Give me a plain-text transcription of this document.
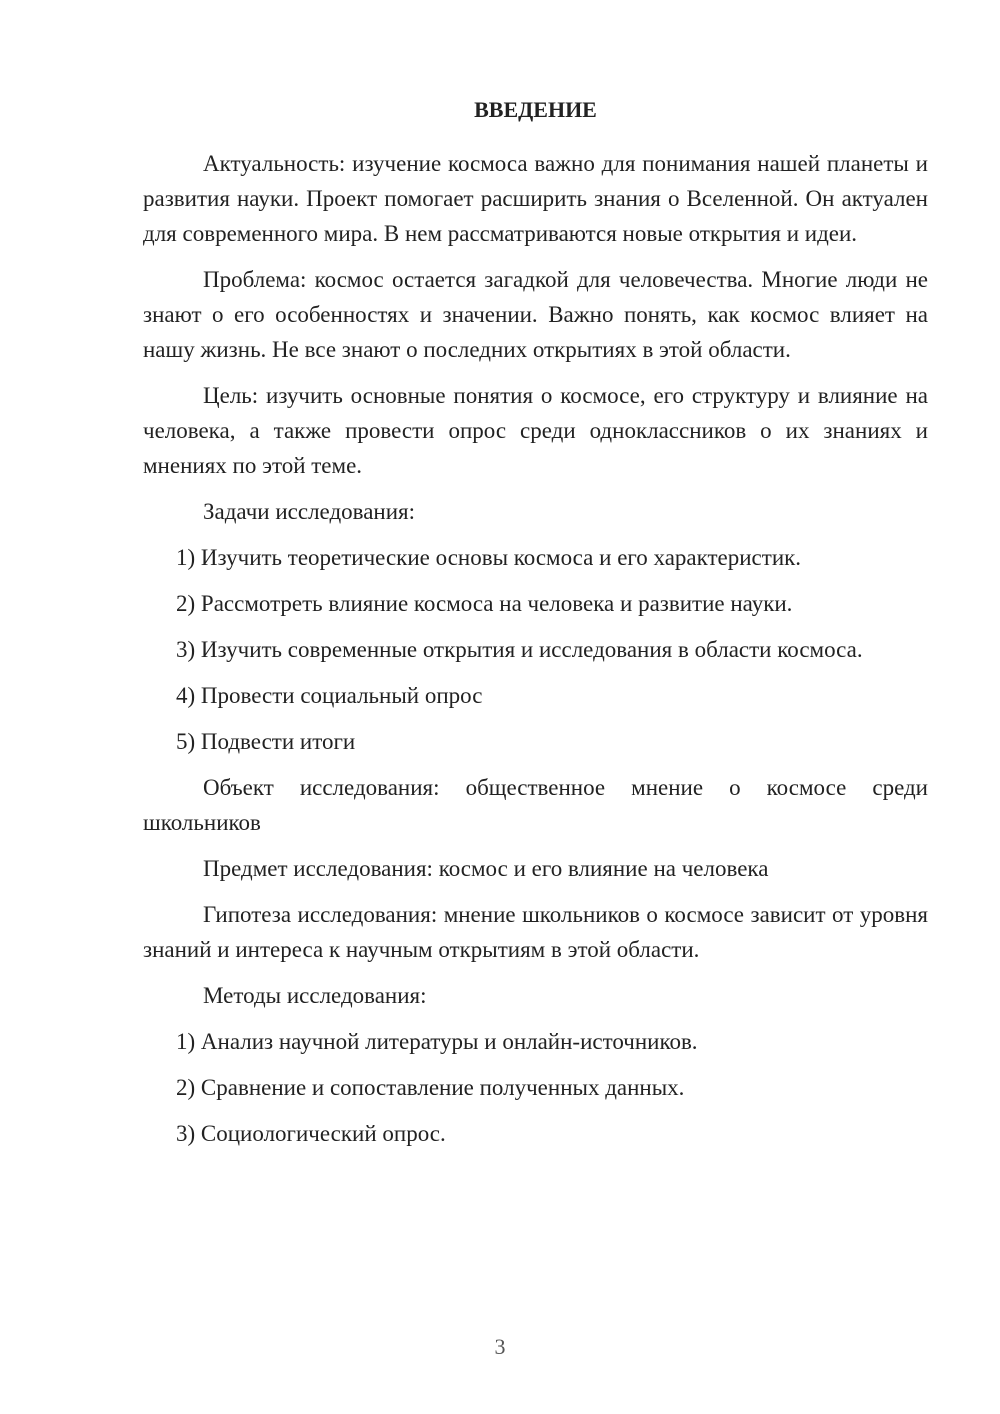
ВВЕДЕНИЕ

Актуальность: изучение космоса важно для понимания нашей планеты и развития науки. Проект помогает расширить знания о Вселенной. Он актуален для современного мира. В нем рассматриваются новые открытия и идеи.

Проблема: космос остается загадкой для человечества. Многие люди не знают о его особенностях и значении. Важно понять, как космос влияет на нашу жизнь. Не все знают о последних открытиях в этой области.

Цель: изучить основные понятия о космосе, его структуру и влияние на человека, а также провести опрос среди одноклассников о их знаниях и мнениях по этой теме.

Задачи исследования:

1) Изучить теоретические основы космоса и его характеристик.

2) Рассмотреть влияние космоса на человека и развитие науки.

3) Изучить современные открытия и исследования в области космоса.

4) Провести социальный опрос

5) Подвести итоги

Объект исследования: общественное мнение о космосе среди школьников

Предмет исследования: космос и его влияние на человека

Гипотеза исследования: мнение школьников о космосе зависит от уровня знаний и интереса к научным открытиям в этой области.

Методы исследования:

1) Анализ научной литературы и онлайн-источников.

2) Сравнение и сопоставление полученных данных.

3) Социологический опрос.

3
